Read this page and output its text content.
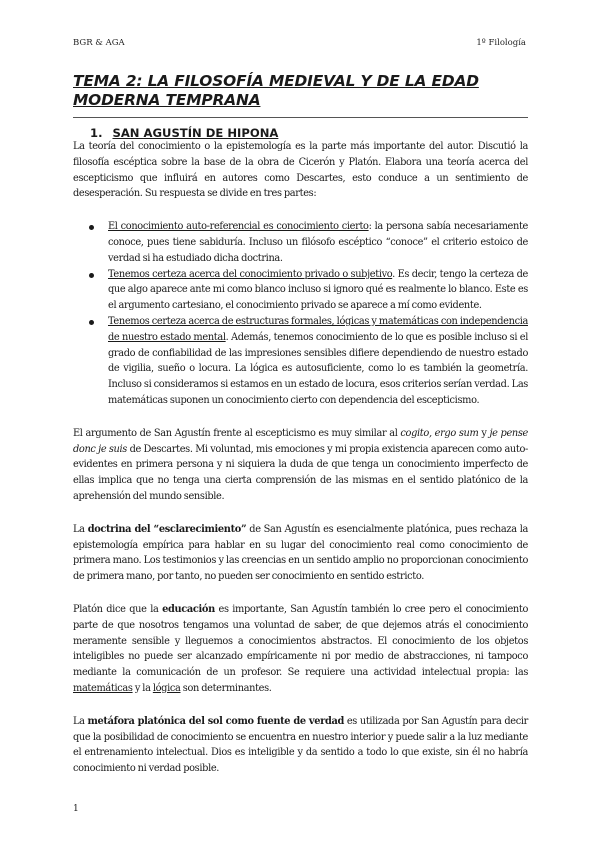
BGR & AGA	1º Filología
TEMA 2: LA FILOSOFÍA MEDIEVAL Y DE LA EDAD
MODERNA TEMPRANA
1. SAN AGUSTÍN DE HIPONA

La teoría del conocimiento o la epistemología es la parte más importante del autor. Discutió la filosofía escéptica sobre la base de la obra de Cicerón y Platón. Elabora una teoría acerca del escepticismo que influirá en autores como Descartes, esto conduce a un sentimiento de desesperación. Su respuesta se divide en tres partes:

El conocimiento auto-referencial es conocimiento cierto: la persona sabía necesariamente conoce, pues tiene sabiduría. Incluso un filósofo escéptico “conoce” el criterio estoico de verdad si ha estudiado dicha doctrina.
Tenemos certeza acerca del conocimiento privado o subjetivo. Es decir, tengo la certeza de que algo aparece ante mi como blanco incluso si ignoro qué es realmente lo blanco. Este es el argumento cartesiano, el conocimiento privado se aparece a mí como evidente.
Tenemos certeza acerca de estructuras formales, lógicas y matemáticas con independencia de nuestro estado mental. Además, tenemos conocimiento de lo que es posible incluso si el grado de confiabilidad de las impresiones sensibles difiere dependiendo de nuestro estado de vigilia, sueño o locura. La lógica es autosuficiente, como lo es también la geometría. Incluso si consideramos si estamos en un estado de locura, esos criterios serían verdad. Las matemáticas suponen un conocimiento cierto con dependencia del escepticismo.

El argumento de San Agustín frente al escepticismo es muy similar al cogito, ergo sum y je pense donc je suis de Descartes. Mi voluntad, mis emociones y mi propia existencia aparecen como auto-evidentes en primera persona y ni siquiera la duda de que tenga un conocimiento imperfecto de ellas implica que no tenga una cierta comprensión de las mismas en el sentido platónico de la aprehensión del mundo sensible.

La doctrina del “esclarecimiento” de San Agustín es esencialmente platónica, pues rechaza la epistemología empírica para hablar en su lugar del conocimiento real como conocimiento de primera mano. Los testimonios y las creencias en un sentido amplio no proporcionan conocimiento de primera mano, por tanto, no pueden ser conocimiento en sentido estricto.

Platón dice que la educación es importante, San Agustín también lo cree pero el conocimiento parte de que nosotros tengamos una voluntad de saber, de que dejemos atrás el conocimiento meramente sensible y lleguemos a conocimientos abstractos. El conocimiento de los objetos inteligibles no puede ser alcanzado empíricamente ni por medio de abstracciones, ni tampoco mediante la comunicación de un profesor. Se requiere una actividad intelectual propia: las matemáticas y la lógica son determinantes.

La metáfora platónica del sol como fuente de verdad es utilizada por San Agustín para decir que la posibilidad de conocimiento se encuentra en nuestro interior y puede salir a la luz mediante el entrenamiento intelectual. Dios es inteligible y da sentido a todo lo que existe, sin él no habría conocimiento ni verdad posible.

1
